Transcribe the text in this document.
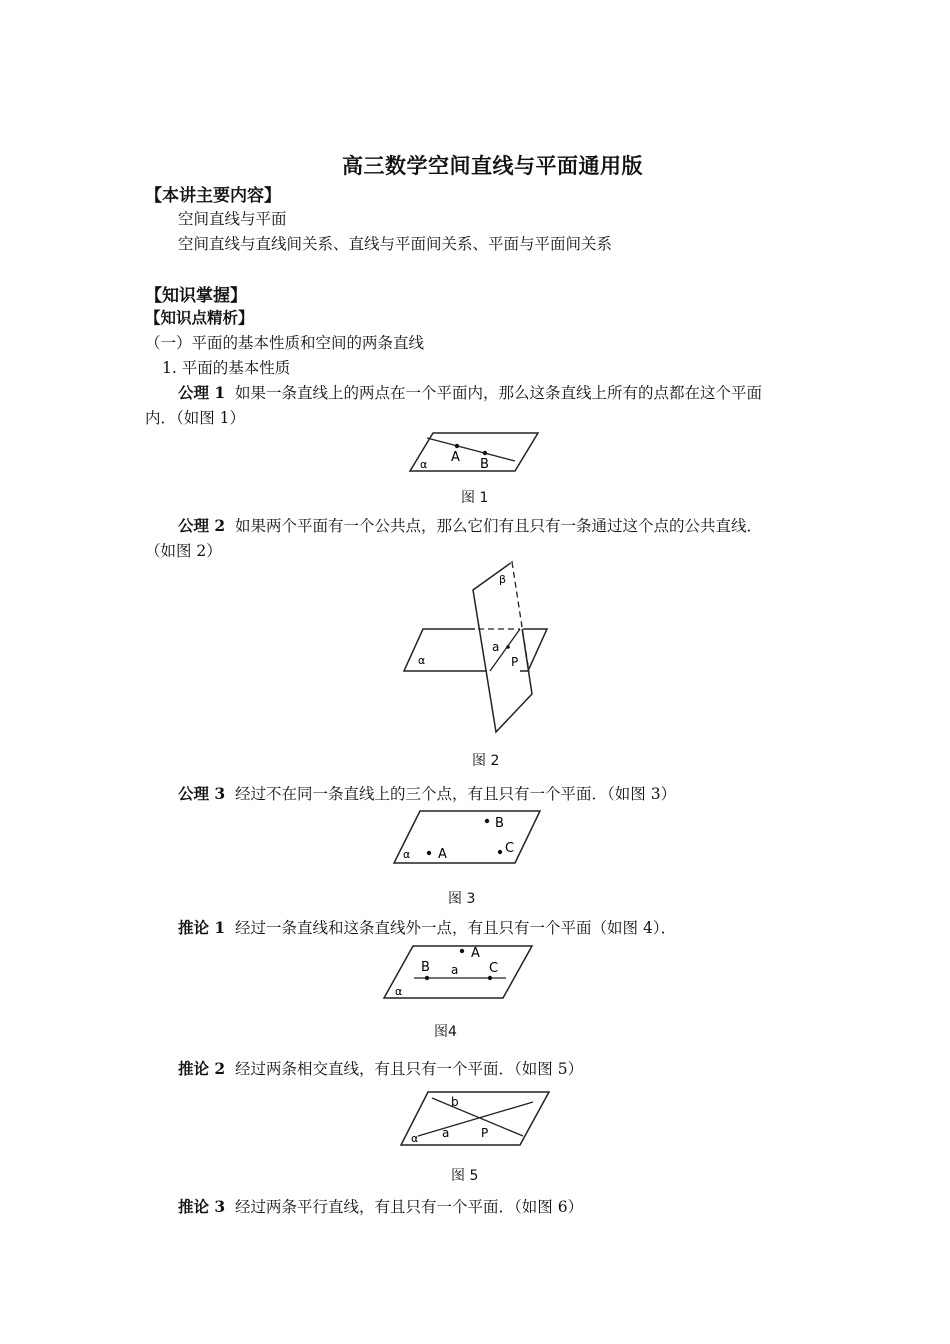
高三数学空间直线与平面通用版
【本讲主要内容】
空间直线与平面
空间直线与直线间关系、直线与平面间关系、平面与平面间关系
【知识掌握】
【知识点精析】
（一）平面的基本性质和空间的两条直线
1. 平面的基本性质
公理 1 如果一条直线上的两点在一个平面内，那么这条直线上所有的点都在这个平面
内．（如图 1）
α A B
图 1
公理 2 如果两个平面有一个公共点，那么它们有且只有一条通过这个点的公共直线．
（如图 2）
α
β
a
P
图 2
公理 3 经过不在同一条直线上的三个点，有且只有一个平面．（如图 3）
α A
B
C
图 3
推论 1 经过一条直线和这条直线外一点，有且只有一个平面（如图 4）．
α
A
B a C
图4
推论 2 经过两条相交直线，有且只有一个平面．（如图 5）
α a
b
P
图 5
推论 3 经过两条平行直线，有且只有一个平面．（如图 6）
